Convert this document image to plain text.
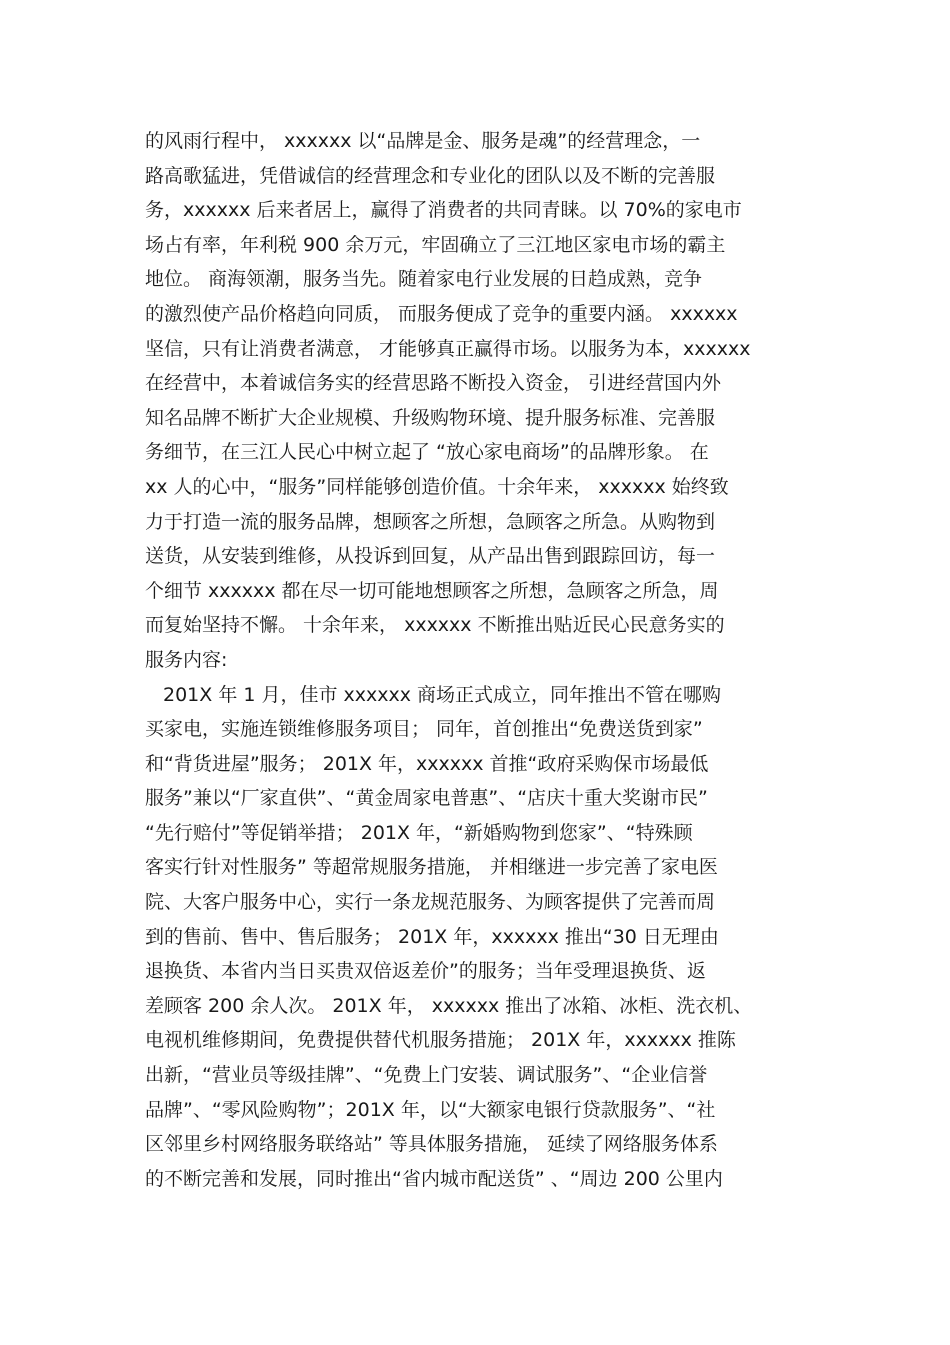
的风雨行程中， xxxxxx 以“品牌是金、服务是魂”的经营理念，一
路高歌猛进，凭借诚信的经营理念和专业化的团队以及不断的完善服
务，xxxxxx 后来者居上，赢得了消费者的共同青睐。以 70%的家电市
场占有率，年利税 900 余万元，牢固确立了三江地区家电市场的霸主
地位。 商海领潮，服务当先。随着家电行业发展的日趋成熟，竞争
的激烈使产品价格趋向同质， 而服务便成了竞争的重要内涵。 xxxxxx
坚信，只有让消费者满意， 才能够真正赢得市场。以服务为本，xxxxxx
在经营中，本着诚信务实的经营思路不断投入资金， 引进经营国内外
知名品牌不断扩大企业规模、升级购物环境、提升服务标准、完善服
务细节，在三江人民心中树立起了 “放心家电商场”的品牌形象。 在
xx 人的心中，“服务”同样能够创造价值。十余年来， xxxxxx 始终致
力于打造一流的服务品牌，想顾客之所想，急顾客之所急。从购物到
送货，从安装到维修，从投诉到回复，从产品出售到跟踪回访，每一
个细节 xxxxxx 都在尽一切可能地想顾客之所想，急顾客之所急，周
而复始坚持不懈。 十余年来， xxxxxx 不断推出贴近民心民意务实的
服务内容:
201X 年 1 月，佳市 xxxxxx 商场正式成立，同年推出不管在哪购
买家电，实施连锁维修服务项目； 同年，首创推出“免费送货到家”
和“背货进屋”服务； 201X 年，xxxxxx 首推“政府采购保市场最低
服务”兼以“厂家直供”、“黄金周家电普惠”、“店庆十重大奖谢市民”
“先行赔付”等促销举措； 201X 年，“新婚购物到您家”、“特殊顾
客实行针对性服务” 等超常规服务措施， 并相继进一步完善了家电医
院、大客户服务中心，实行一条龙规范服务、为顾客提供了完善而周
到的售前、售中、售后服务； 201X 年，xxxxxx 推出“30 日无理由
退换货、本省内当日买贵双倍返差价”的服务；当年受理退换货、返
差顾客 200 余人次。 201X 年， xxxxxx 推出了冰箱、冰柜、洗衣机、
电视机维修期间，免费提供替代机服务措施； 201X 年，xxxxxx 推陈
出新，“营业员等级挂牌”、“免费上门安装、调试服务”、“企业信誉
品牌”、“零风险购物”；201X 年，以“大额家电银行贷款服务”、“社
区邻里乡村网络服务联络站” 等具体服务措施， 延续了网络服务体系
的不断完善和发展，同时推出“省内城市配送货” 、“周边 200 公里内
